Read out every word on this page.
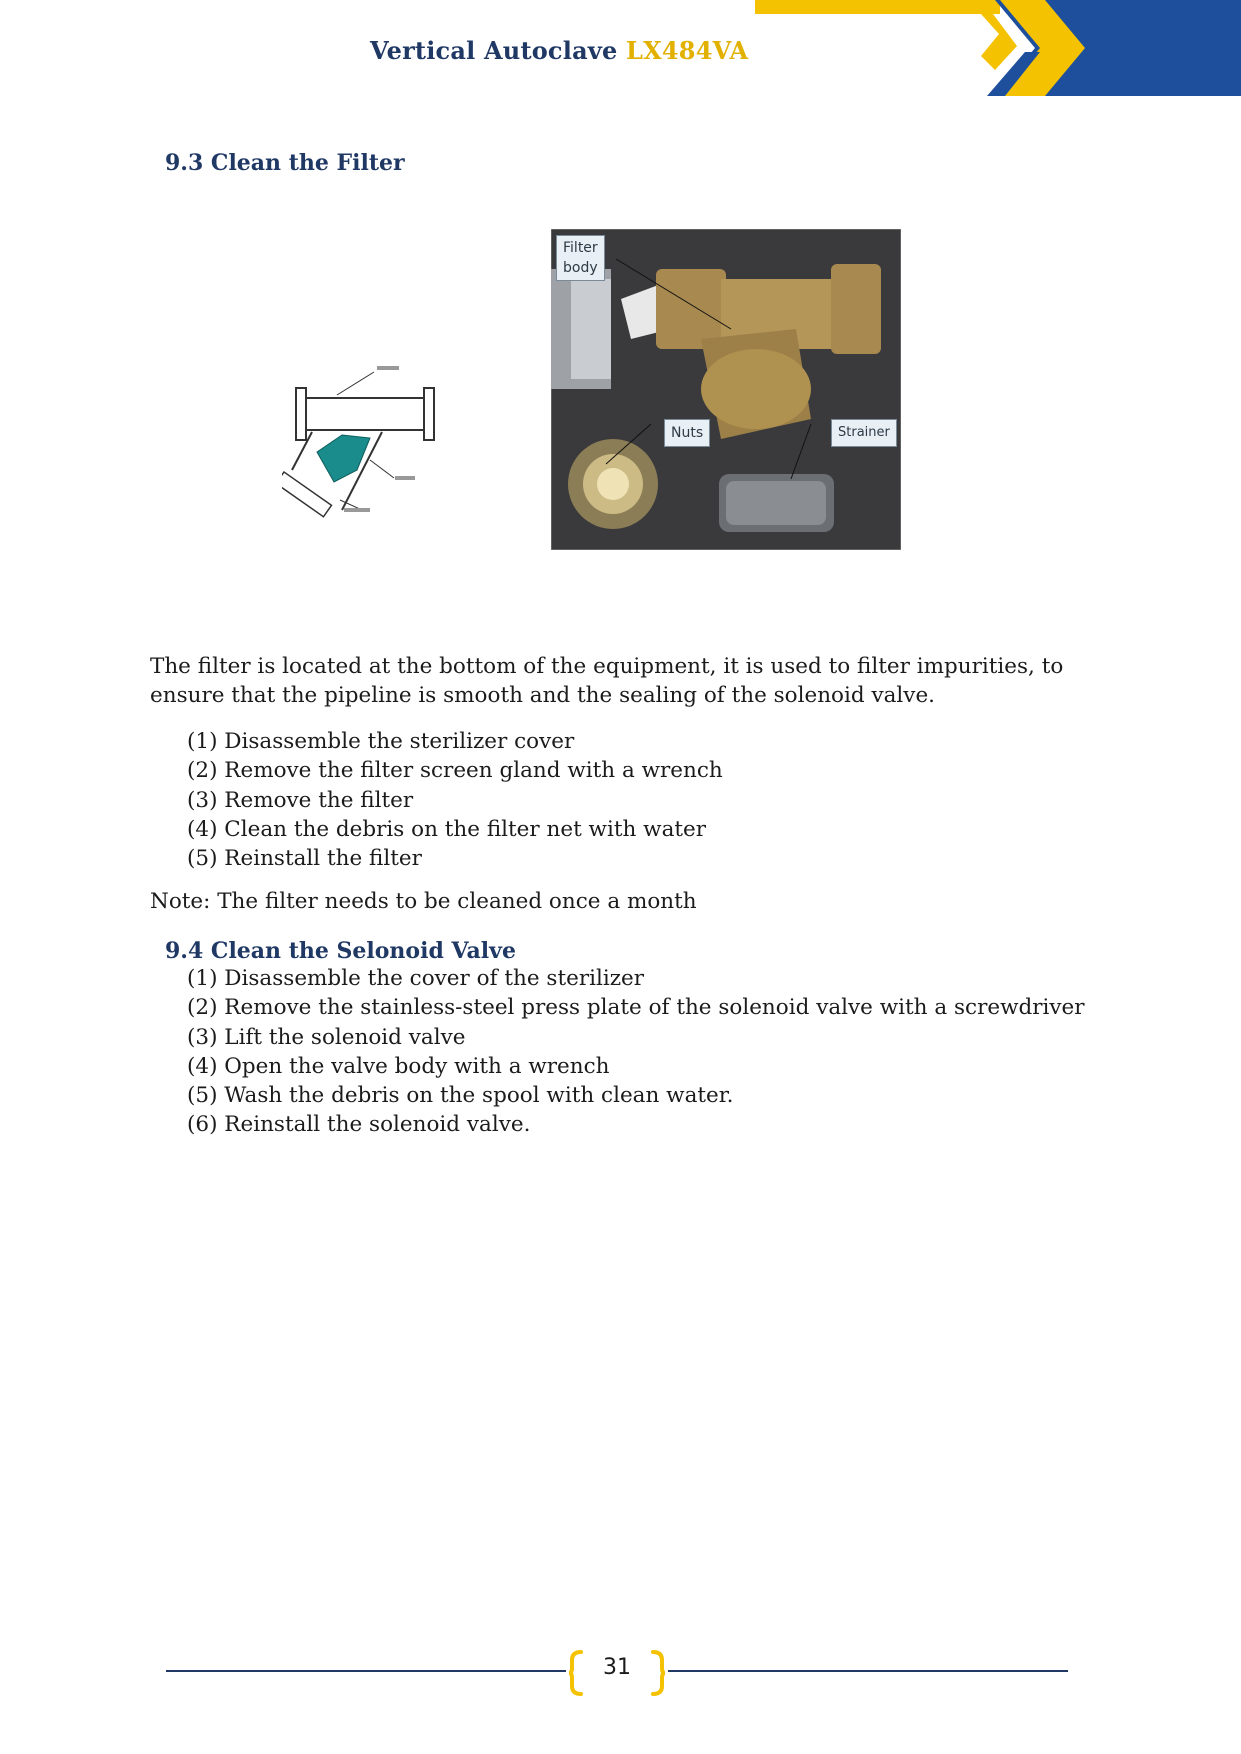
Vertical Autoclave LX484VA
9.3 Clean the Filter
Filter
body
Nuts	Strainer
The filter is located at the bottom of the equipment, it is used to filter impurities, to ensure that the pipeline is smooth and the sealing of the solenoid valve.
(1) Disassemble the sterilizer cover
(2) Remove the filter screen gland with a wrench
(3) Remove the filter
(4) Clean the debris on the filter net with water
(5) Reinstall the filter
Note: The filter needs to be cleaned once a month
9.4 Clean the Selonoid Valve
(1) Disassemble the cover of the sterilizer
(2) Remove the stainless-steel press plate of the solenoid valve with a screwdriver
(3) Lift the solenoid valve
(4) Open the valve body with a wrench
(5) Wash the debris on the spool with clean water.
(6) Reinstall the solenoid valve.
31
